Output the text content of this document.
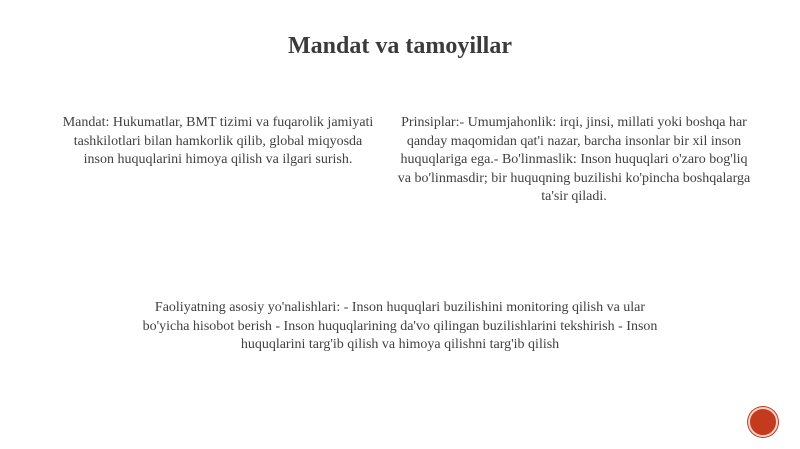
Mandat va tamoyillar
Mandat: Hukumatlar, BMT tizimi va fuqarolik jamiyati tashkilotlari bilan hamkorlik qilib, global miqyosda inson huquqlarini himoya qilish va ilgari surish.
Prinsiplar:- Umumjahonlik: irqi, jinsi, millati yoki boshqa har qanday maqomidan qat'i nazar, barcha insonlar bir xil inson huquqlariga ega.- Bo'linmaslik: Inson huquqlari o'zaro bog'liq va bo'linmasdir; bir huquqning buzilishi ko'pincha boshqalarga ta'sir qiladi.
Faoliyatning asosiy yo'nalishlari: - Inson huquqlari buzilishini monitoring qilish va ular bo'yicha hisobot berish - Inson huquqlarining da'vo qilingan buzilishlarini tekshirish - Inson huquqlarini targ'ib qilish va himoya qilishni targ'ib qilish
